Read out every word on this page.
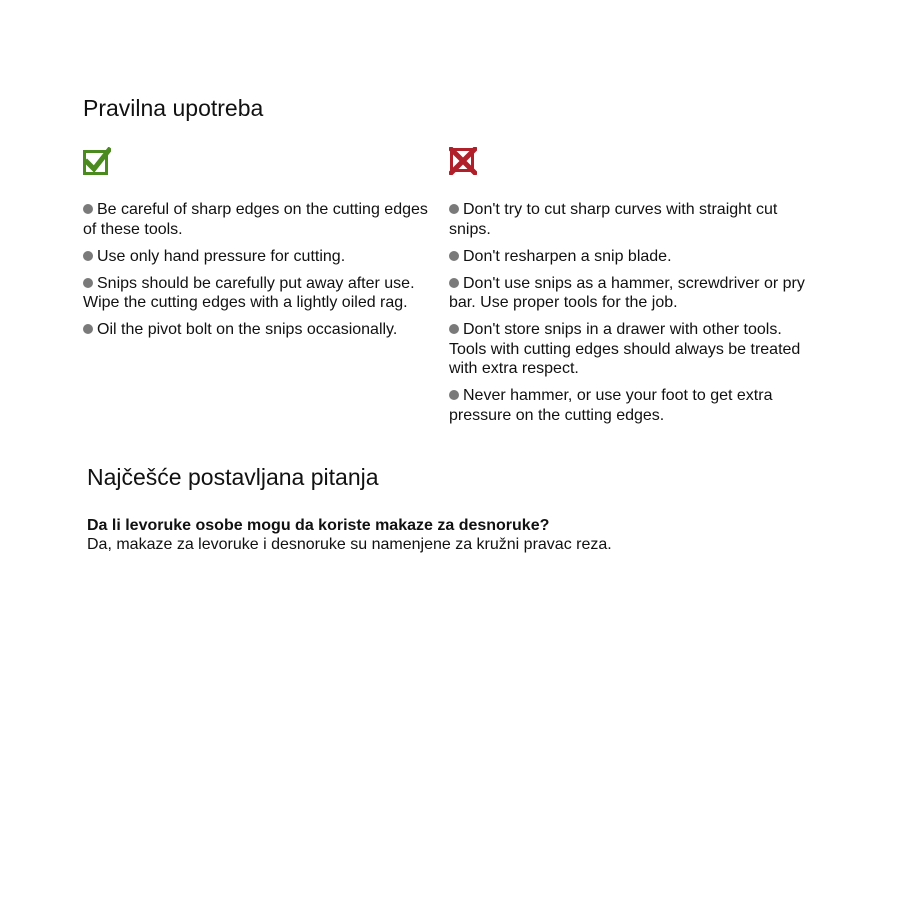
Pravilna upotreba
Be careful of sharp edges on the cutting edges of these tools.
Use only hand pressure for cutting.
Snips should be carefully put away after use. Wipe the cutting edges with a lightly oiled rag.
Oil the pivot bolt on the snips occasionally.
Don't try to cut sharp curves with straight cut snips.
Don't resharpen a snip blade.
Don't use snips as a hammer, screwdriver or pry bar. Use proper tools for the job.
Don't store snips in a drawer with other tools. Tools with cutting edges should always be treated with extra respect.
Never hammer, or use your foot to get extra pressure on the cutting edges.
Najčešće postavljana pitanja

Da li levoruke osobe mogu da koriste makaze za desnoruke?

Da, makaze za levoruke i desnoruke su namenjene za kružni pravac reza.
